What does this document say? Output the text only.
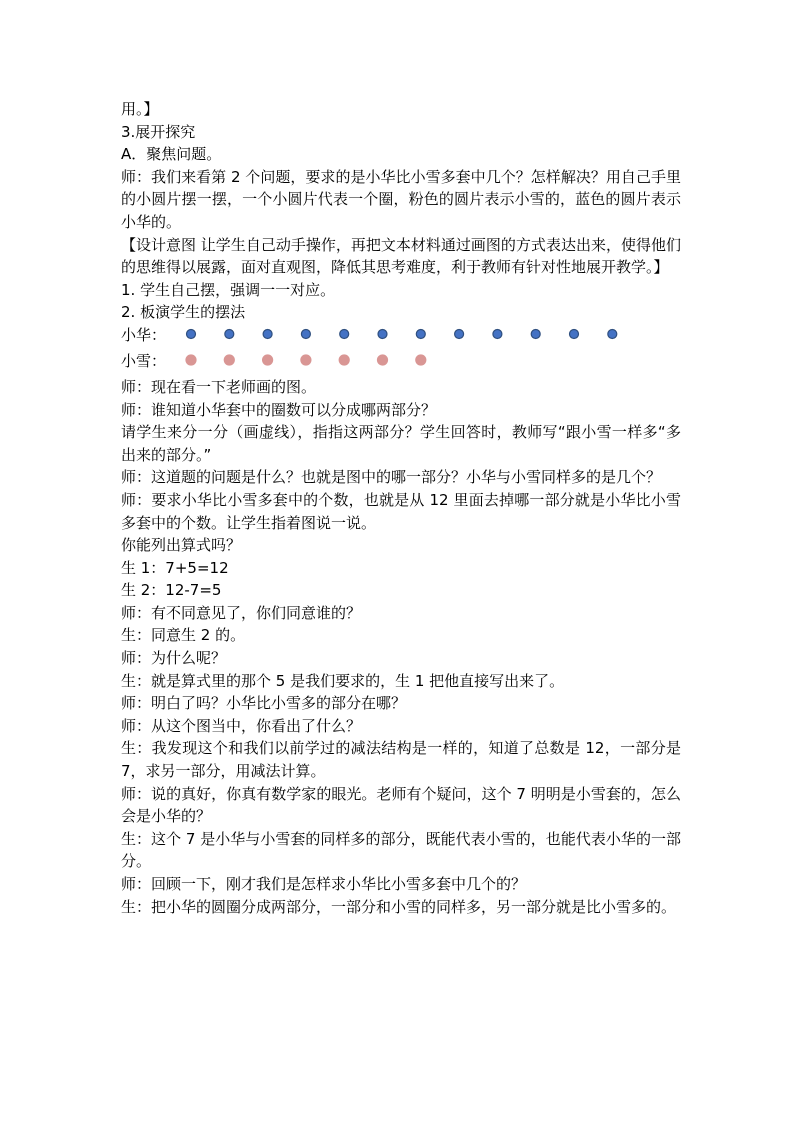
用。】

3.展开探究

A．聚焦问题。

师：我们来看第 2 个问题，要求的是小华比小雪多套中几个？怎样解决？用自己手里的小圆片摆一摆，一个小圆片代表一个圈，粉色的圆片表示小雪的，蓝色的圆片表示小华的。

【设计意图 让学生自己动手操作，再把文本材料通过画图的方式表达出来，使得他们的思维得以展露，面对直观图，降低其思考难度，利于教师有针对性地展开教学。】

1. 学生自己摆，强调一一对应。

2. 板演学生的摆法

小华：
小雪：

师：现在看一下老师画的图。

师：谁知道小华套中的圈数可以分成哪两部分？

请学生来分一分（画虚线），指指这两部分？学生回答时，教师写“跟小雪一样多“多出来的部分。”

师：这道题的问题是什么？也就是图中的哪一部分？小华与小雪同样多的是几个？

师：要求小华比小雪多套中的个数，也就是从 12 里面去掉哪一部分就是小华比小雪多套中的个数。让学生指着图说一说。

你能列出算式吗？

生 1：7+5=12

生 2：12-7=5

师：有不同意见了，你们同意谁的？

生：同意生 2 的。

师：为什么呢？

生：就是算式里的那个 5 是我们要求的，生 1 把他直接写出来了。

师：明白了吗？小华比小雪多的部分在哪？

师：从这个图当中，你看出了什么？

生：我发现这个和我们以前学过的减法结构是一样的，知道了总数是 12，一部分是 7，求另一部分，用减法计算。

师：说的真好，你真有数学家的眼光。老师有个疑问，这个 7 明明是小雪套的，怎么会是小华的？

生：这个 7 是小华与小雪套的同样多的部分，既能代表小雪的，也能代表小华的一部分。

师：回顾一下，刚才我们是怎样求小华比小雪多套中几个的？

生：把小华的圆圈分成两部分，一部分和小雪的同样多，另一部分就是比小雪多的。
